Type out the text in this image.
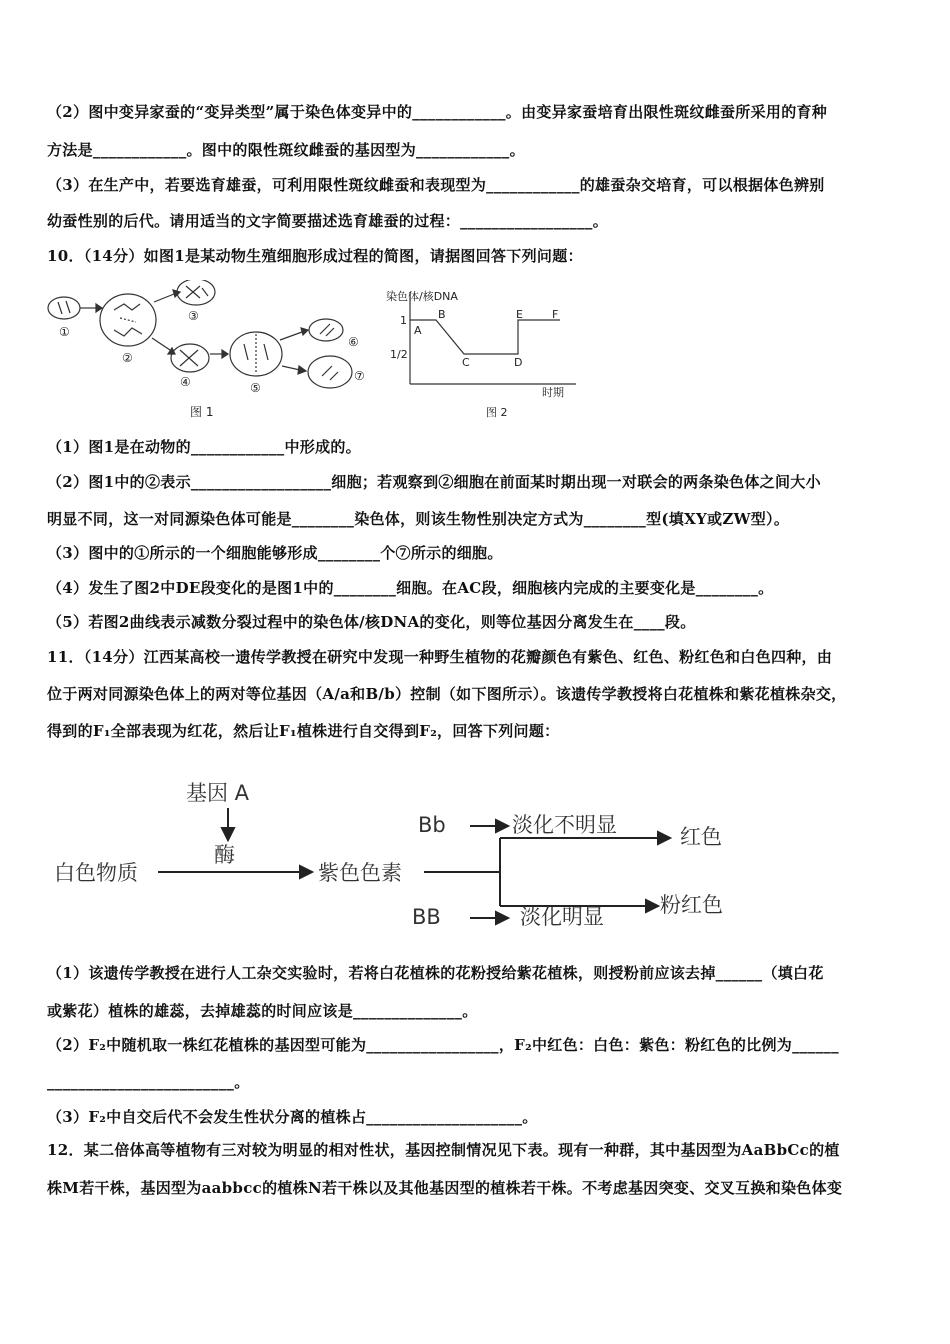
（2）图中变异家蚕的“变异类型”属于染色体变异中的____________。由变异家蚕培育出限性斑纹雌蚕所采用的育种
方法是____________。图中的限性斑纹雌蚕的基因型为____________。
（3）在生产中，若要选育雄蚕，可利用限性斑纹雌蚕和表现型为____________的雄蚕杂交培育，可以根据体色辨别
幼蚕性别的后代。请用适当的文字简要描述选育雄蚕的过程：_________________。
10．（14分）如图1是某动物生殖细胞形成过程的简图，请据图回答下列问题：
①
②
③
④	⑤
⑥
⑦
图 1
染色体/核DNA
1
1/2
A
B
C	D
E	F
时期
图 2
（1）图1是在动物的____________中形成的。
（2）图1中的②表示__________________细胞；若观察到②细胞在前面某时期出现一对联会的两条染色体之间大小
明显不同，这一对同源染色体可能是________染色体，则该生物性别决定方式为________型(填XY或ZW型）。
（3）图中的①所示的一个细胞能够形成________个⑦所示的细胞。
（4）发生了图2中DE段变化的是图1中的________细胞。在AC段，细胞核内完成的主要变化是________。
（5）若图2曲线表示减数分裂过程中的染色体/核DNA的变化，则等位基因分离发生在____段。
11．（14分）江西某高校一遗传学教授在研究中发现一种野生植物的花瓣颜色有紫色、红色、粉红色和白色四种，由
位于两对同源染色体上的两对等位基因（A/a和B/b）控制（如下图所示）。该遗传学教授将白花植株和紫花植株杂交，
得到的F₁全部表现为红花，然后让F₁植株进行自交得到F₂，回答下列问题：
基因 A
酶
白色物质	紫色色素
Bb
BB
淡化不明显
淡化明显
红色
粉红色
（1）该遗传学教授在进行人工杂交实验时，若将白花植株的花粉授给紫花植株，则授粉前应该去掉______（填白花
或紫花）植株的雄蕊，去掉雄蕊的时间应该是______________。
（2）F₂中随机取一株红花植株的基因型可能为_________________，F₂中红色：白色：紫色：粉红色的比例为______
________________________。
（3）F₂中自交后代不会发生性状分离的植株占____________________。
12．某二倍体高等植物有三对较为明显的相对性状，基因控制情况见下表。现有一种群，其中基因型为AaBbCc的植
株M若干株，基因型为aabbcc的植株N若干株以及其他基因型的植株若干株。不考虑基因突变、交叉互换和染色体变
